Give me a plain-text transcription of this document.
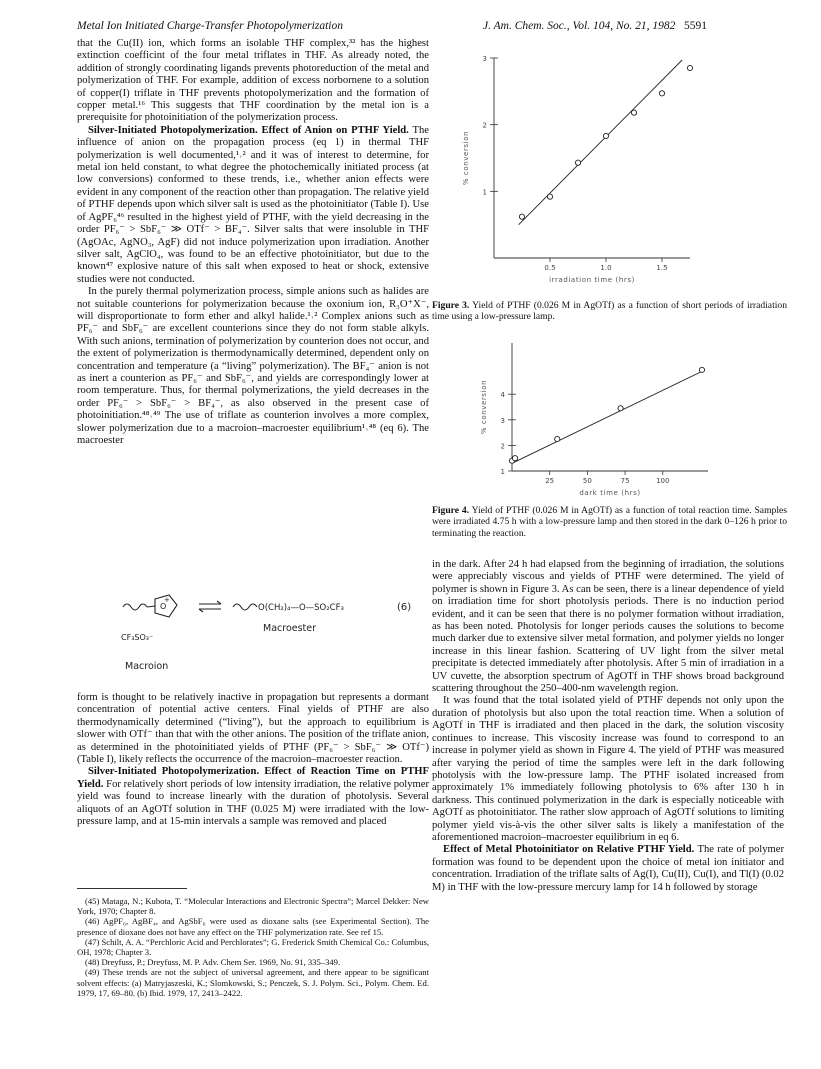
Metal Ion Initiated Charge-Transfer Photopolymerization	J. Am. Chem. Soc., Vol. 104, No. 21, 1982 5591

that the Cu(II) ion, which forms an isolable THF complex,³² has the highest extinction coefficint of the four metal triflates in THF. As already noted, the addition of strongly coordinating ligands prevents photoreduction of the metal and polymerization of THF. For example, addition of excess norbornene to a solution of copper(I) triflate in THF prevents photopolymerization and the formation of copper metal.¹⁶ This suggests that THF coordination by the metal ion is a prerequisite for photoinitiation of the polymerization process.

Silver-Initiated Photopolymerization. Effect of Anion on PTHF Yield. The influence of anion on the propagation process (eq 1) in thermal THF polymerization is well documented,¹˒² and it was of interest to determine, for metal ion held constant, to what degree the photochemically initiated process (at low conversions) conformed to these trends, i.e., whether anion effects were evident in any component of the reaction other than propagation. The relative yield of PTHF depends upon which silver salt is used as the photoinitiator (Table I). Use of AgPF₆⁴⁶ resulted in the highest yield of PTHF, with the yield decreasing in the order PF₆⁻ > SbF₆⁻ ≫ OTf⁻ > BF₄⁻. Silver salts that were insoluble in THF (AgOAc, AgNO₃, AgF) did not induce polymerization upon irradiation. Another silver salt, AgClO₄, was found to be an effective photoinitiator, but due to the known⁴⁷ explosive nature of this salt when exposed to heat or shock, extensive studies were not conducted.

In the purely thermal polymerization process, simple anions such as halides are not suitable counterions for polymerization because the oxonium ion, R₃O⁺X⁻, will disproportionate to form ether and alkyl halide.¹˒² Complex anions such as PF₆⁻ and SbF₆⁻ are excellent counterions since they do not form stable alkyls. With such anions, termination of polymerization by counterion does not occur, and the extent of polymerization is thermodynamically determined, dependent only on concentration and temperature (a “living” polymerization). The BF₄⁻ anion is not as inert a counterion as PF₆⁻ and SbF₆⁻, and yields are correspondingly lower at room temperature. Thus, for thermal polymerizations, the yield decreases in the order PF₆⁻ > SbF₆⁻ > BF₄⁻, as also observed in the present case of photoinitiation.⁴⁸˒⁴⁹ The use of triflate as counterion involves a more complex, slower polymerization due to a macroion–macroester equilibrium¹˒⁴⁸ (eq 6). The macroester

O
+
O(CH₂)₄—O—SO₂CF₃	(6)
Macroester
CF₃SO₃⁻
Macroion

form is thought to be relatively inactive in propagation but represents a dormant concentration of potential active centers. Final yields of PTHF are also thermodynamically determined (“living”), but the approach to equilibrium is slower with OTf⁻ than that with the other anions. The position of the triflate anion, as determined in the photoinitiated yields of PTHF (PF₆⁻ > SbF₆⁻ ≫ OTf⁻) (Table I), likely reflects the occurrence of the macroion–macroester reaction.

Silver-Initiated Photopolymerization. Effect of Reaction Time on PTHF Yield. For relatively short periods of low intensity irradiation, the relative polymer yield was found to increase linearly with the duration of photolysis. Several aliquots of an AgOTf solution in THF (0.025 M) were irradiated with the low-pressure lamp, and at 15-min intervals a sample was removed and placed

(45) Mataga, N.; Kubota, T. “Molecular Interactions and Electronic Spectra”; Marcel Dekker: New York, 1970; Chapter 8.

(46) AgPF₆, AgBF₄, and AgSbF₆ were used as dioxane salts (see Experimental Section). The presence of dioxane does not have any effect on the THF polymerization rate. See ref 15.

(47) Schilt, A. A. “Perchloric Acid and Perchlorates”; G. Frederick Smith Chemical Co.: Columbus, OH, 1978; Chapter 3.

(48) Dreyfuss, P.; Dreyfuss, M. P. Adv. Chem Ser. 1969, No. 91, 335–349.

(49) These trends are not the subject of universal agreement, and there appear to be significant solvent effects: (a) Matryjaszeski, K.; Slomkowski, S.; Penczek, S. J. Polym. Sci., Polym. Chem. Ed. 1979, 17, 69–80. (b) Ibid. 1979, 17, 2413–2422.

0.5	1.0	1.5
1
2
3
irradiation time (hrs)
% conversion
Figure 3. Yield of PTHF (0.026 M in AgOTf) as a function of short periods of irradiation time using a low-pressure lamp.
25	50	75	100
1
2
3
4
dark time (hrs)
% conversion
Figure 4. Yield of PTHF (0.026 M in AgOTf) as a function of total reaction time. Samples were irradiated 4.75 h with a low-pressure lamp and then stored in the dark 0–126 h prior to terminating the reaction.

in the dark. After 24 h had elapsed from the beginning of irradiation, the solutions were appreciably viscous and yields of PTHF were determined. The yield of polymer is shown in Figure 3. As can be seen, there is a linear dependence of yield on irradiation time for short photolysis periods. There is no induction period evident, and it can be seen that there is no polymer formation without irradiation, as has been noted. Photolysis for longer periods causes the solutions to become much darker due to extensive silver metal formation, and polymer yields no longer increase in this linear fashion. Scattering of UV light from the silver metal precipitate is detected immediately after photolysis. After 5 min of irradiation in a UV cuvette, the absorption spectrum of AgOTf in THF shows broad background scattering throughout the 250–400-nm wavelength region.

It was found that the total isolated yield of PTHF depends not only upon the duration of photolysis but also upon the total reaction time. When a solution of AgOTf in THF is irradiated and then placed in the dark, the solution viscosity continues to increase. This viscosity increase was found to correspond to an increase in polymer yield as shown in Figure 4. The yield of PTHF was measured after varying the period of time the samples were left in the dark following photolysis with the low-pressure lamp. The PTHF isolated increased from approximately 1% immediately following photolysis to 6% after 130 h in darkness. This continued polymerization in the dark is especially noticeable with AgOTf as photoinitiator. The rather slow approach of AgOTf solutions to limiting polymer yield vis-à-vis the other silver salts is likely a manifestation of the aforementioned macroion–macroester equilibrium in eq 6.

Effect of Metal Photoinitiator on Relative PTHF Yield. The rate of polymer formation was found to be dependent upon the choice of metal ion initiator and concentration. Irradiation of the triflate salts of Ag(I), Cu(II), Cu(I), and Tl(I) (0.02 M) in THF with the low-pressure mercury lamp for 14 h followed by storage
